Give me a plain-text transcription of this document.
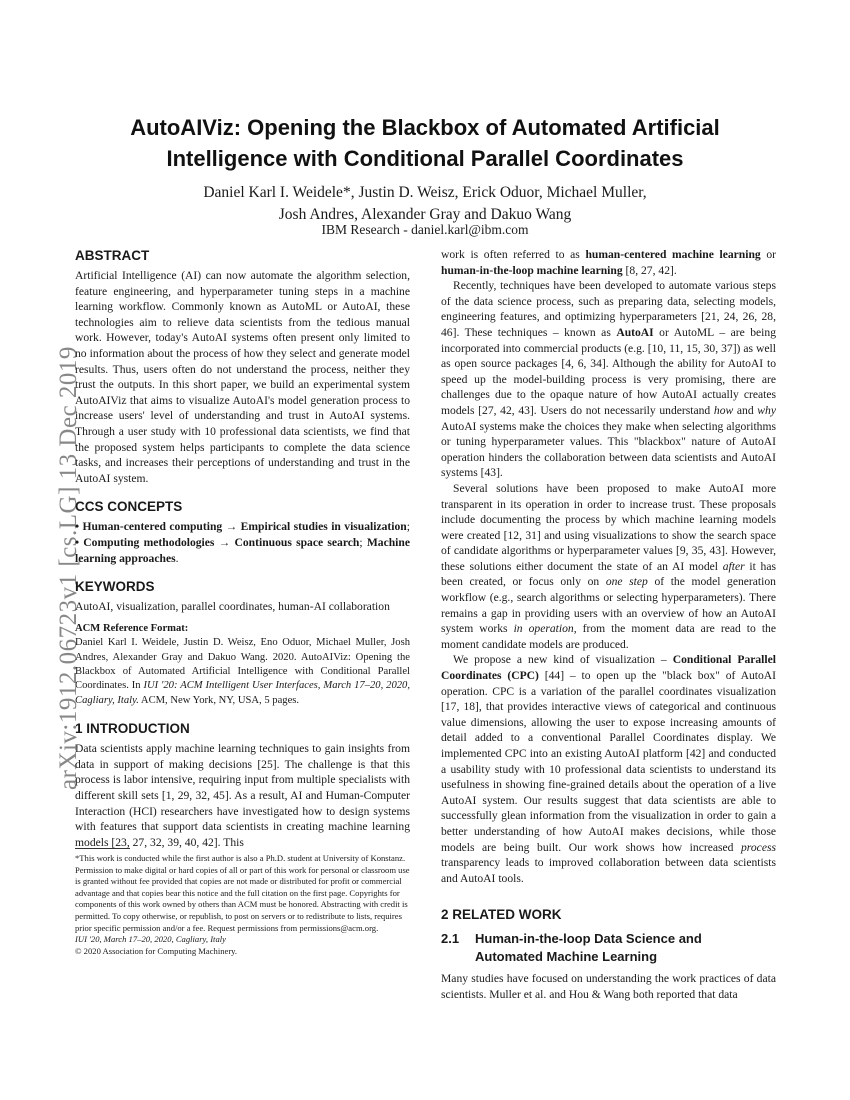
arXiv:1912.06723v1 [cs.LG] 13 Dec 2019
AutoAIViz: Opening the Blackbox of Automated Artificial Intelligence with Conditional Parallel Coordinates
Daniel Karl I. Weidele*, Justin D. Weisz, Erick Oduor, Michael Muller,
Josh Andres, Alexander Gray and Dakuo Wang
IBM Research - daniel.karl@ibm.com
ABSTRACT

Artificial Intelligence (AI) can now automate the algorithm selection, feature engineering, and hyperparameter tuning steps in a machine learning workflow. Commonly known as AutoML or AutoAI, these technologies aim to relieve data scientists from the tedious manual work. However, today's AutoAI systems often present only limited to no information about the process of how they select and generate model results. Thus, users often do not understand the process, neither they trust the outputs. In this short paper, we build an experimental system AutoAIViz that aims to visualize AutoAI's model generation process to increase users' level of understanding and trust in AutoAI systems. Through a user study with 10 professional data scientists, we find that the proposed system helps participants to complete the data science tasks, and increases their perceptions of understanding and trust in the AutoAI system.

CCS CONCEPTS

• Human-centered computing → Empirical studies in visualization; • Computing methodologies → Continuous space search; Machine learning approaches.

KEYWORDS

AutoAI, visualization, parallel coordinates, human-AI collaboration

ACM Reference Format:

Daniel Karl I. Weidele, Justin D. Weisz, Eno Oduor, Michael Muller, Josh Andres, Alexander Gray and Dakuo Wang. 2020. AutoAIViz: Opening the Blackbox of Automated Artificial Intelligence with Conditional Parallel Coordinates. In IUI '20: ACM Intelligent User Interfaces, March 17–20, 2020, Cagliary, Italy. ACM, New York, NY, USA, 5 pages.

1 INTRODUCTION

Data scientists apply machine learning techniques to gain insights from data in support of making decisions [25]. The challenge is that this process is labor intensive, requiring input from multiple specialists with different skill sets [1, 29, 32, 45]. As a result, AI and Human-Computer Interaction (HCI) researchers have investigated how to design systems with features that support data scientists in creating machine learning models [23, 27, 32, 39, 40, 42]. This

*This work is conducted while the first author is also a Ph.D. student at University of Konstanz.

Permission to make digital or hard copies of all or part of this work for personal or classroom use is granted without fee provided that copies are not made or distributed for profit or commercial advantage and that copies bear this notice and the full citation on the first page. Copyrights for components of this work owned by others than ACM must be honored. Abstracting with credit is permitted. To copy otherwise, or republish, to post on servers or to redistribute to lists, requires prior specific permission and/or a fee. Request permissions from permissions@acm.org.

IUI '20, March 17–20, 2020, Cagliary, Italy

© 2020 Association for Computing Machinery.

work is often referred to as human-centered machine learning or human-in-the-loop machine learning [8, 27, 42].

Recently, techniques have been developed to automate various steps of the data science process, such as preparing data, selecting models, engineering features, and optimizing hyperparameters [21, 24, 26, 28, 46]. These techniques – known as AutoAI or AutoML – are being incorporated into commercial products (e.g. [10, 11, 15, 30, 37]) as well as open source packages [4, 6, 34]. Although the ability for AutoAI to speed up the model-building process is very promising, there are challenges due to the opaque nature of how AutoAI actually creates models [27, 42, 43]. Users do not necessarily understand how and why AutoAI systems make the choices they make when selecting algorithms or tuning hyperparameter values. This "blackbox" nature of AutoAI operation hinders the collaboration between data scientists and AutoAI systems [43].

Several solutions have been proposed to make AutoAI more transparent in its operation in order to increase trust. These proposals include documenting the process by which machine learning models were created [12, 31] and using visualizations to show the search space of candidate algorithms or hyperparameter values [9, 35, 43]. However, these solutions either document the state of an AI model after it has been created, or focus only on one step of the model generation workflow (e.g., search algorithms or selecting hyperparameters). There remains a gap in providing users with an overview of how an AutoAI system works in operation, from the moment data are read to the moment candidate models are produced.

We propose a new kind of visualization – Conditional Parallel Coordinates (CPC) [44] – to open up the "black box" of AutoAI operation. CPC is a variation of the parallel coordinates visualization [17, 18], that provides interactive views of categorical and continuous value dimensions, allowing the user to expose increasing amounts of detail added to a conventional Parallel Coordinates display. We implemented CPC into an existing AutoAI platform [42] and conducted a usability study with 10 professional data scientists to understand its usefulness in showing fine-grained details about the operation of a live AutoAI system. Our results suggest that data scientists are able to successfully glean information from the visualization in order to gain a better understanding of how AutoAI makes decisions, while those models are being built. Our work shows how increased process transparency leads to improved collaboration between data scientists and AutoAI tools.

2 RELATED WORK
2.1	Human-in-the-loop Data Science and
Automated Machine Learning

Many studies have focused on understanding the work practices of data scientists. Muller et al. and Hou & Wang both reported that data
